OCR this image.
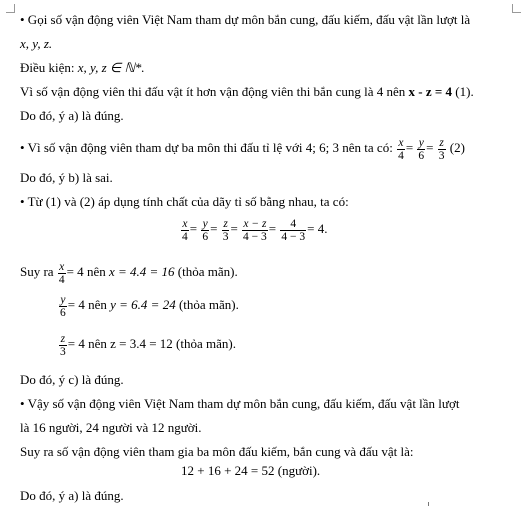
• Gọi số vận động viên Việt Nam tham dự môn bắn cung, đấu kiếm, đấu vật lần lượt là
x, y, z.
Điều kiện: x, y, z ∈ ℕ*.
Vì số vận động viên thi đấu vật ít hơn vận động viên thi bắn cung là 4 nên x - z = 4 (1).
Do đó, ý a) là đúng.
• Vì số vận động viên tham dự ba môn thi đấu tỉ lệ với 4; 6; 3 nên ta có: $\frac{x}{4} = \frac{y}{6} = \frac{z}{3} (2)$
Do đó, ý b) là sai.
• Từ (1) và (2) áp dụng tính chất của dãy tỉ số bằng nhau, ta có:
$\frac{x}{4} = \frac{y}{6} = \frac{z}{3} = \frac{x - z}{4 - 3} = \frac{4}{4 - 3} = 4$.
Suy ra $\frac{x}{4} = 4$ nên x = 4.4 = 16 (thỏa mãn).
$\frac{y}{6} = 4$ nên y = 6.4 = 24 (thỏa mãn).
$\frac{z}{3} = 4$ nên z = 3.4 = 12 (thỏa mãn).
Do đó, ý c) là đúng.
• Vậy số vận động viên Việt Nam tham dự môn bắn cung, đấu kiếm, đấu vật lần lượt
là 16 người, 24 người và 12 người.
Suy ra số vận động viên tham gia ba môn đấu kiếm, bắn cung và đấu vật là:
12 + 16 + 24 = 52 (người).
Do đó, ý a) là đúng.
